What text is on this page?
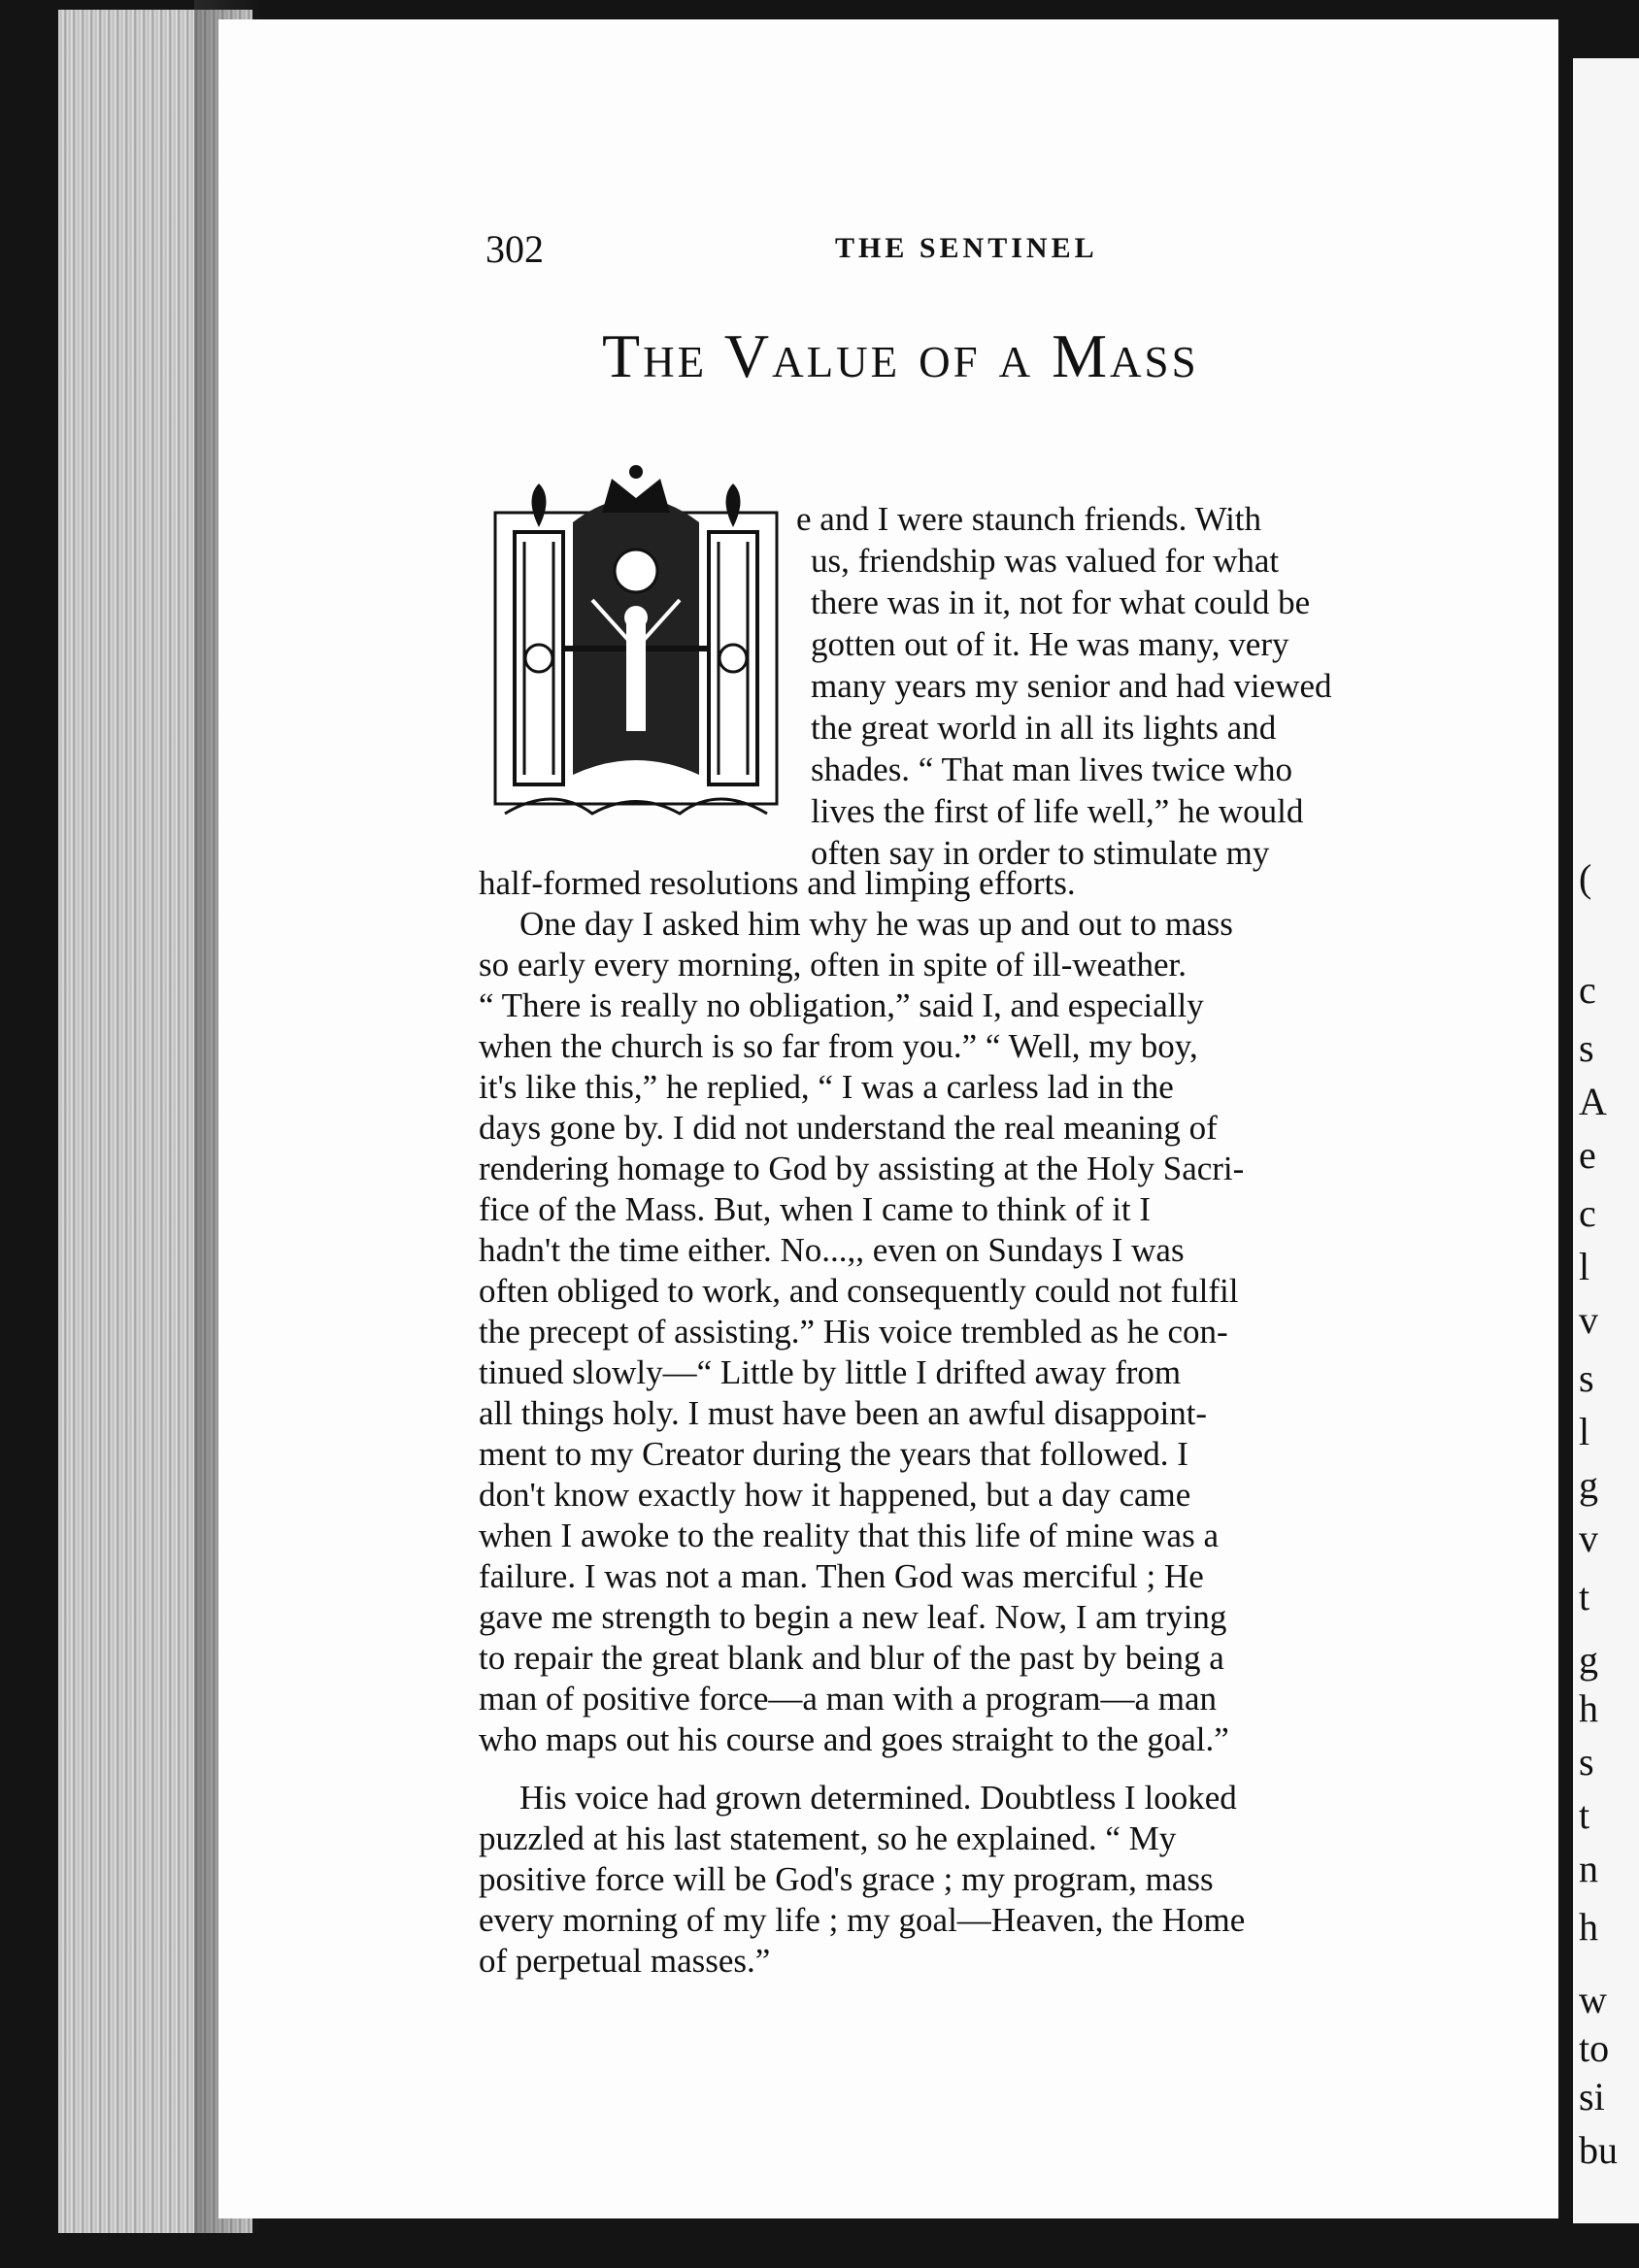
(
c
s
A
e
c
l
v
s
l
g
v
t
g
h
s
t
n
h
w
to
si
bu
302	THE SENTINEL
The Value of a Mass
e and I were staunch friends. With
us, friendship was valued for what
there was in it, not for what could be
gotten out of it. He was many, very
many years my senior and had viewed
the great world in all its lights and
shades. “ That man lives twice who
lives the first of life well,” he would
often say in order to stimulate my
half-formed resolutions and limping efforts.
One day I asked him why he was up and out to mass
so early every morning, often in spite of ill-weather.
“ There is really no obligation,” said I, and especially
when the church is so far from you.” “ Well, my boy,
it's like this,” he replied, “ I was a carless lad in the
days gone by. I did not understand the real meaning of
rendering homage to God by assisting at the Holy Sacri-
fice of the Mass. But, when I came to think of it I
hadn't the time either. No...,, even on Sundays I was
often obliged to work, and consequently could not fulfil
the precept of assisting.” His voice trembled as he con-
tinued slowly—“ Little by little I drifted away from
all things holy. I must have been an awful disappoint-
ment to my Creator during the years that followed. I
don't know exactly how it happened, but a day came
when I awoke to the reality that this life of mine was a
failure. I was not a man. Then God was merciful ; He
gave me strength to begin a new leaf. Now, I am trying
to repair the great blank and blur of the past by being a
man of positive force—a man with a program—a man
who maps out his course and goes straight to the goal.”
His voice had grown determined. Doubtless I looked
puzzled at his last statement, so he explained. “ My
positive force will be God's grace ; my program, mass
every morning of my life ; my goal—Heaven, the Home
of perpetual masses.”
